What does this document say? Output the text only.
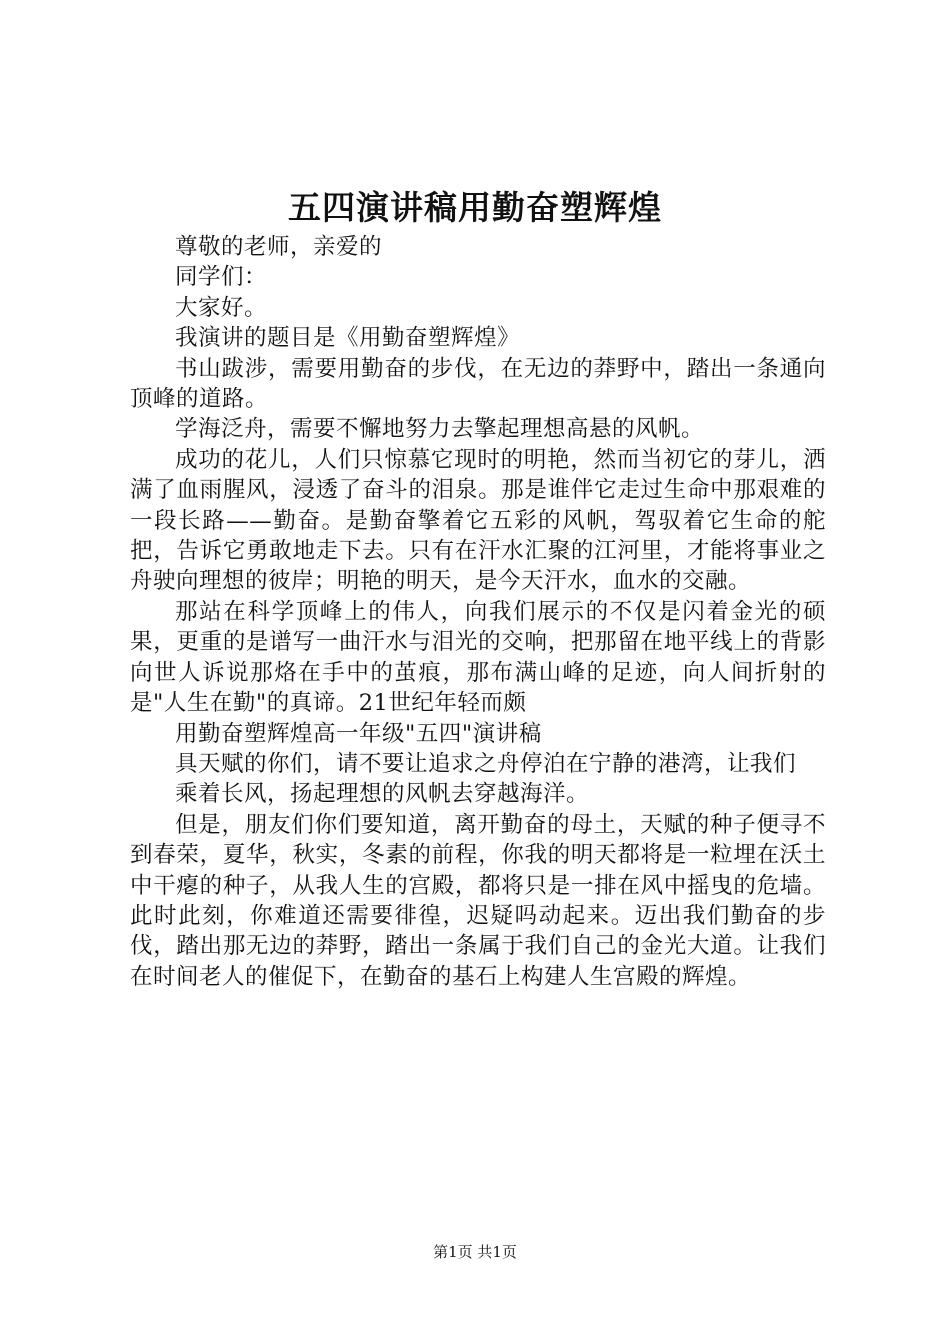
五四演讲稿用勤奋塑辉煌

尊敬的老师，亲爱的

同学们：

大家好。

我演讲的题目是《用勤奋塑辉煌》

书山跋涉，需要用勤奋的步伐，在无边的莽野中，踏出一条通向顶峰的道路。

学海泛舟，需要不懈地努力去擎起理想高悬的风帆。

成功的花儿，人们只惊慕它现时的明艳，然而当初它的芽儿，洒满了血雨腥风，浸透了奋斗的泪泉。那是谁伴它走过生命中那艰难的一段长路——勤奋。是勤奋擎着它五彩的风帆，驾驭着它生命的舵把，告诉它勇敢地走下去。只有在汗水汇聚的江河里，才能将事业之舟驶向理想的彼岸；明艳的明天，是今天汗水，血水的交融。

那站在科学顶峰上的伟人，向我们展示的不仅是闪着金光的硕果，更重的是谱写一曲汗水与泪光的交响，把那留在地平线上的背影向世人诉说那烙在手中的茧痕，那布满山峰的足迹，向人间折射的是"人生在勤"的真谛。21世纪年轻而颇

用勤奋塑辉煌高一年级"五四"演讲稿

具天赋的你们，请不要让追求之舟停泊在宁静的港湾，让我们

乘着长风，扬起理想的风帆去穿越海洋。

但是，朋友们你们要知道，离开勤奋的母土，天赋的种子便寻不到春荣，夏华，秋实，冬素的前程，你我的明天都将是一粒埋在沃土中干瘪的种子，从我人生的宫殿，都将只是一排在风中摇曳的危墙。此时此刻，你难道还需要徘徨，迟疑吗动起来。迈出我们勤奋的步伐，踏出那无边的莽野，踏出一条属于我们自己的金光大道。让我们在时间老人的催促下，在勤奋的基石上构建人生宫殿的辉煌。

第1页 共1页
